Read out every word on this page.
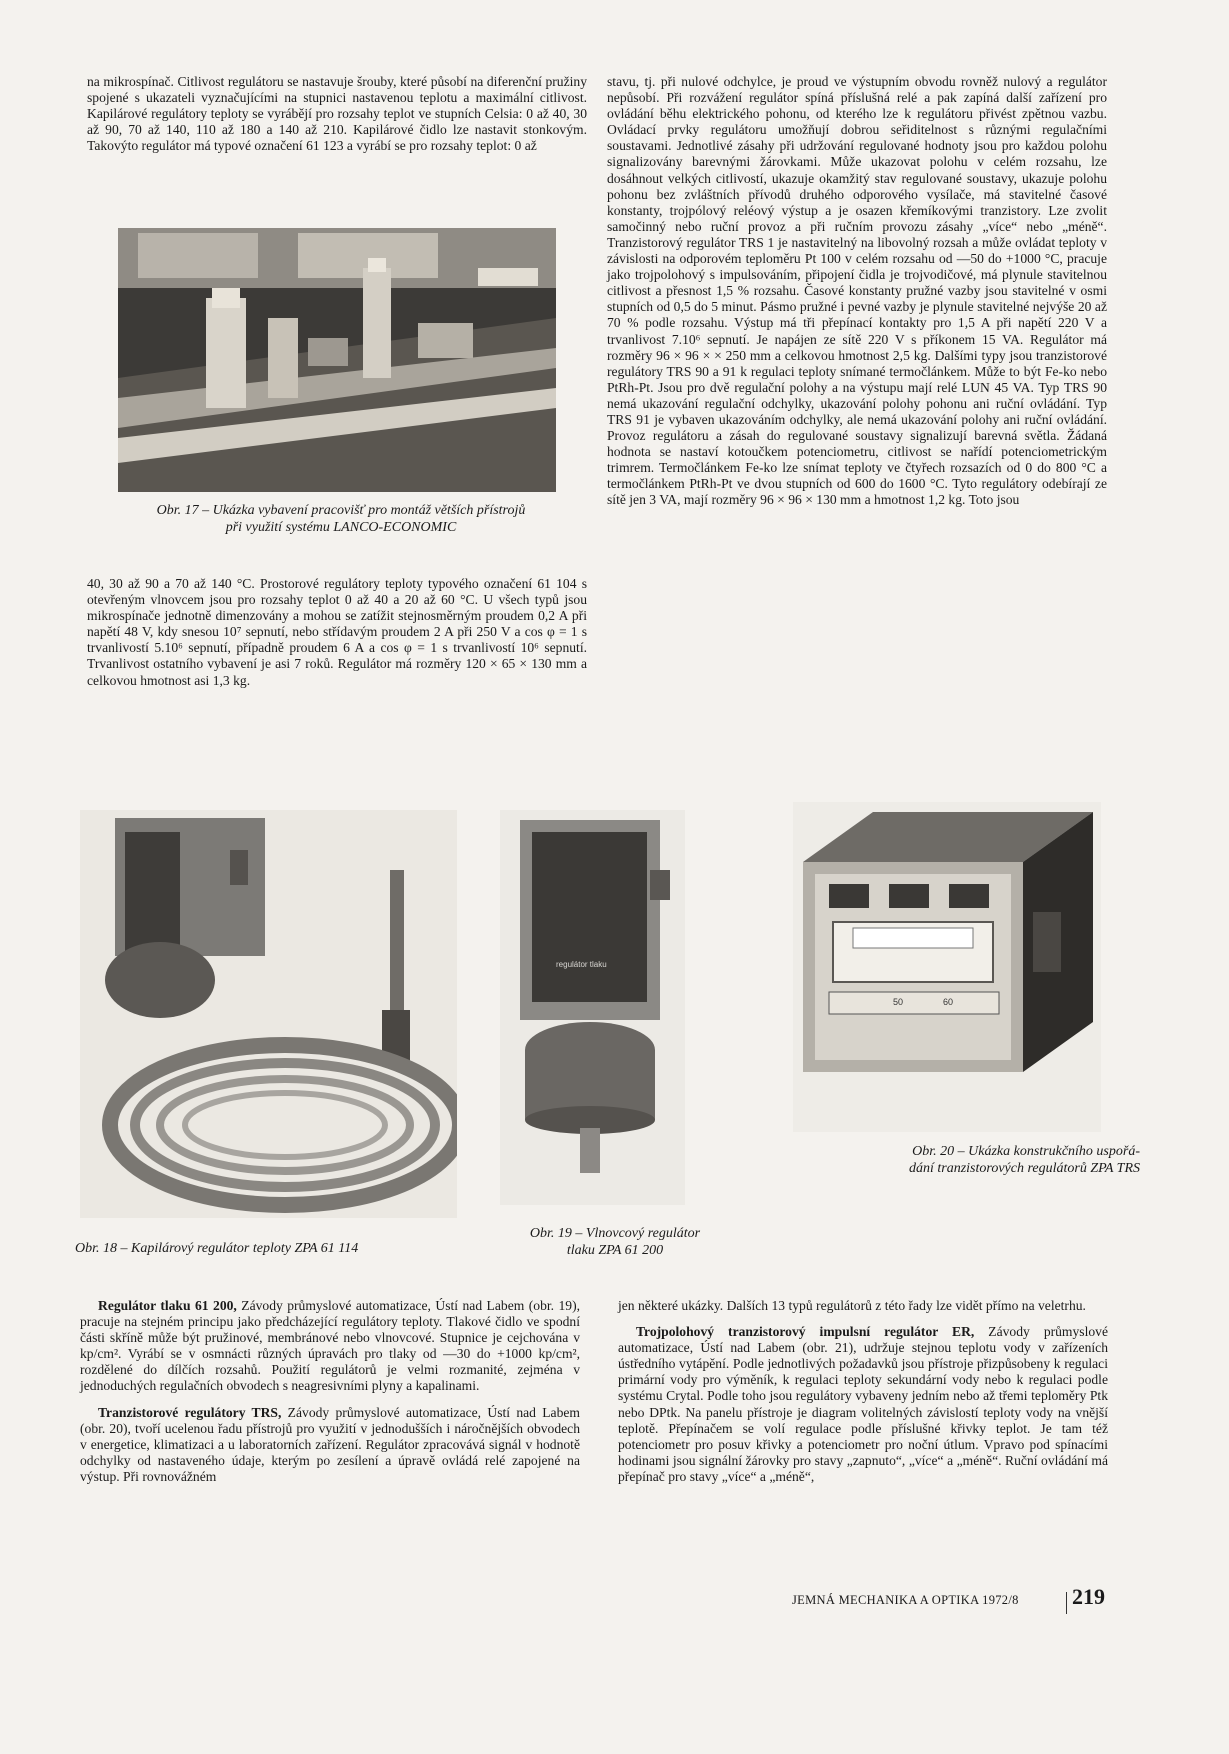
na mikrospínač. Citlivost regulátoru se nastavuje šrouby, které působí na diferenční pružiny spojené s ukazateli vyznačujícími na stupnici nastavenou teplotu a maximální citlivost. Kapilárové regulátory teploty se vyrábějí pro rozsahy teplot ve stupních Celsia: 0 až 40, 30 až 90, 70 až 140, 110 až 180 a 140 až 210. Kapilárové čidlo lze nastavit stonkovým. Takovýto regulátor má typové označení 61 123 a vyrábí se pro rozsahy teplot: 0 až

Obr. 17 – Ukázka vybavení pracovišť pro montáž větších přístrojů
při využití systému LANCO-ECONOMIC

40, 30 až 90 a 70 až 140 °C. Prostorové regulátory teploty typového označení 61 104 s otevřeným vlnovcem jsou pro rozsahy teplot 0 až 40 a 20 až 60 °C. U všech typů jsou mikrospínače jednotně dimenzovány a mohou se zatížit stejnosměrným proudem 0,2 A při napětí 48 V, kdy snesou 10⁷ sepnutí, nebo střídavým proudem 2 A při 250 V a cos φ = 1 s trvanlivostí 5.10⁶ sepnutí, případně proudem 6 A a cos φ = 1 s trvanlivostí 10⁶ sepnutí. Trvanlivost ostatního vybavení je asi 7 roků. Regulátor má rozměry 120 × 65 × 130 mm a celkovou hmotnost asi 1,3 kg.

stavu, tj. při nulové odchylce, je proud ve výstupním obvodu rovněž nulový a regulátor nepůsobí. Při rozvážení regulátor spíná příslušná relé a pak zapíná další zařízení pro ovládání běhu elektrického pohonu, od kterého lze k regulátoru přivést zpětnou vazbu. Ovládací prvky regulátoru umožňují dobrou seřiditelnost s různými regulačními soustavami. Jednotlivé zásahy při udržování regulované hodnoty jsou pro každou polohu signalizovány barevnými žárovkami. Může ukazovat polohu v celém rozsahu, lze dosáhnout velkých citlivostí, ukazuje okamžitý stav regulované soustavy, ukazuje polohu pohonu bez zvláštních přívodů druhého odporového vysílače, má stavitelné časové konstanty, trojpólový reléový výstup a je osazen křemíkovými tranzistory. Lze zvolit samočinný nebo ruční provoz a při ručním provozu zásahy „více“ nebo „méně“. Tranzistorový regulátor TRS 1 je nastavitelný na libovolný rozsah a může ovládat teploty v závislosti na odporovém teploměru Pt 100 v celém rozsahu od —50 do +1000 °C, pracuje jako trojpolohový s impulsováním, připojení čidla je trojvodičové, má plynule stavitelnou citlivost a přesnost 1,5 % rozsahu. Časové konstanty pružné vazby jsou stavitelné v osmi stupních od 0,5 do 5 minut. Pásmo pružné i pevné vazby je plynule stavitelné nejvýše 20 až 70 % podle rozsahu. Výstup má tři přepínací kontakty pro 1,5 A při napětí 220 V a trvanlivost 7.10⁶ sepnutí. Je napájen ze sítě 220 V s příkonem 15 VA. Regulátor má rozměry 96 × 96 × × 250 mm a celkovou hmotnost 2,5 kg. Dalšími typy jsou tranzistorové regulátory TRS 90 a 91 k regulaci teploty snímané termočlánkem. Může to být Fe-ko nebo PtRh-Pt. Jsou pro dvě regulační polohy a na výstupu mají relé LUN 45 VA. Typ TRS 90 nemá ukazování regulační odchylky, ukazování polohy pohonu ani ruční ovládání. Typ TRS 91 je vybaven ukazováním odchylky, ale nemá ukazování polohy ani ruční ovládání. Provoz regulátoru a zásah do regulované soustavy signalizují barevná světla. Žádaná hodnota se nastaví kotoučkem potenciometru, citlivost se nařídí potenciometrickým trimrem. Termočlánkem Fe-ko lze snímat teploty ve čtyřech rozsazích od 0 do 800 °C a termočlánkem PtRh-Pt ve dvou stupních od 600 do 1600 °C. Tyto regulátory odebírají ze sítě jen 3 VA, mají rozměry 96 × 96 × 130 mm a hmotnost 1,2 kg. Toto jsou

regulátor tlaku
50	60

Obr. 20 – Ukázka konstrukčního uspořá-
dání tranzistorových regulátorů ZPA TRS

Obr. 18 – Kapilárový regulátor teploty ZPA 61 114

Obr. 19 – Vlnovcový regulátor
tlaku ZPA 61 200

Regulátor tlaku 61 200, Závody průmyslové automatizace, Ústí nad Labem (obr. 19), pracuje na stejném principu jako předcházející regulátory teploty. Tlakové čidlo ve spodní části skříně může být pružinové, membránové nebo vlnovcové. Stupnice je cejchována v kp/cm². Vyrábí se v osmnácti různých úpravách pro tlaky od —30 do +1000 kp/cm², rozdělené do dílčích rozsahů. Použití regulátorů je velmi rozmanité, zejména v jednoduchých regulačních obvodech s neagresivními plyny a kapalinami.

Tranzistorové regulátory TRS, Závody průmyslové automatizace, Ústí nad Labem (obr. 20), tvoří ucelenou řadu přístrojů pro využití v jednodušších i náročnějších obvodech v energetice, klimatizaci a u laboratorních zařízení. Regulátor zpracovává signál v hodnotě odchylky od nastaveného údaje, kterým po zesílení a úpravě ovládá relé zapojené na výstup. Při rovnovážném

jen některé ukázky. Dalších 13 typů regulátorů z této řady lze vidět přímo na veletrhu.

Trojpolohový tranzistorový impulsní regulátor ER, Závody průmyslové automatizace, Ústí nad Labem (obr. 21), udržuje stejnou teplotu vody v zařízeních ústředního vytápění. Podle jednotlivých požadavků jsou přístroje přizpůsobeny k regulaci primární vody pro výměník, k regulaci teploty sekundární vody nebo k regulaci podle systému Crytal. Podle toho jsou regulátory vybaveny jedním nebo až třemi teploměry Ptk nebo DPtk. Na panelu přístroje je diagram volitelných závislostí teploty vody na vnější teplotě. Přepínačem se volí regulace podle příslušné křivky teplot. Je tam též potenciometr pro posuv křivky a potenciometr pro noční útlum. Vpravo pod spínacími hodinami jsou signální žárovky pro stavy „zapnuto“, „více“ a „méně“. Ruční ovládání má přepínač pro stavy „více“ a „méně“,

JEMNÁ MECHANIKA A OPTIKA 1972/8 219
